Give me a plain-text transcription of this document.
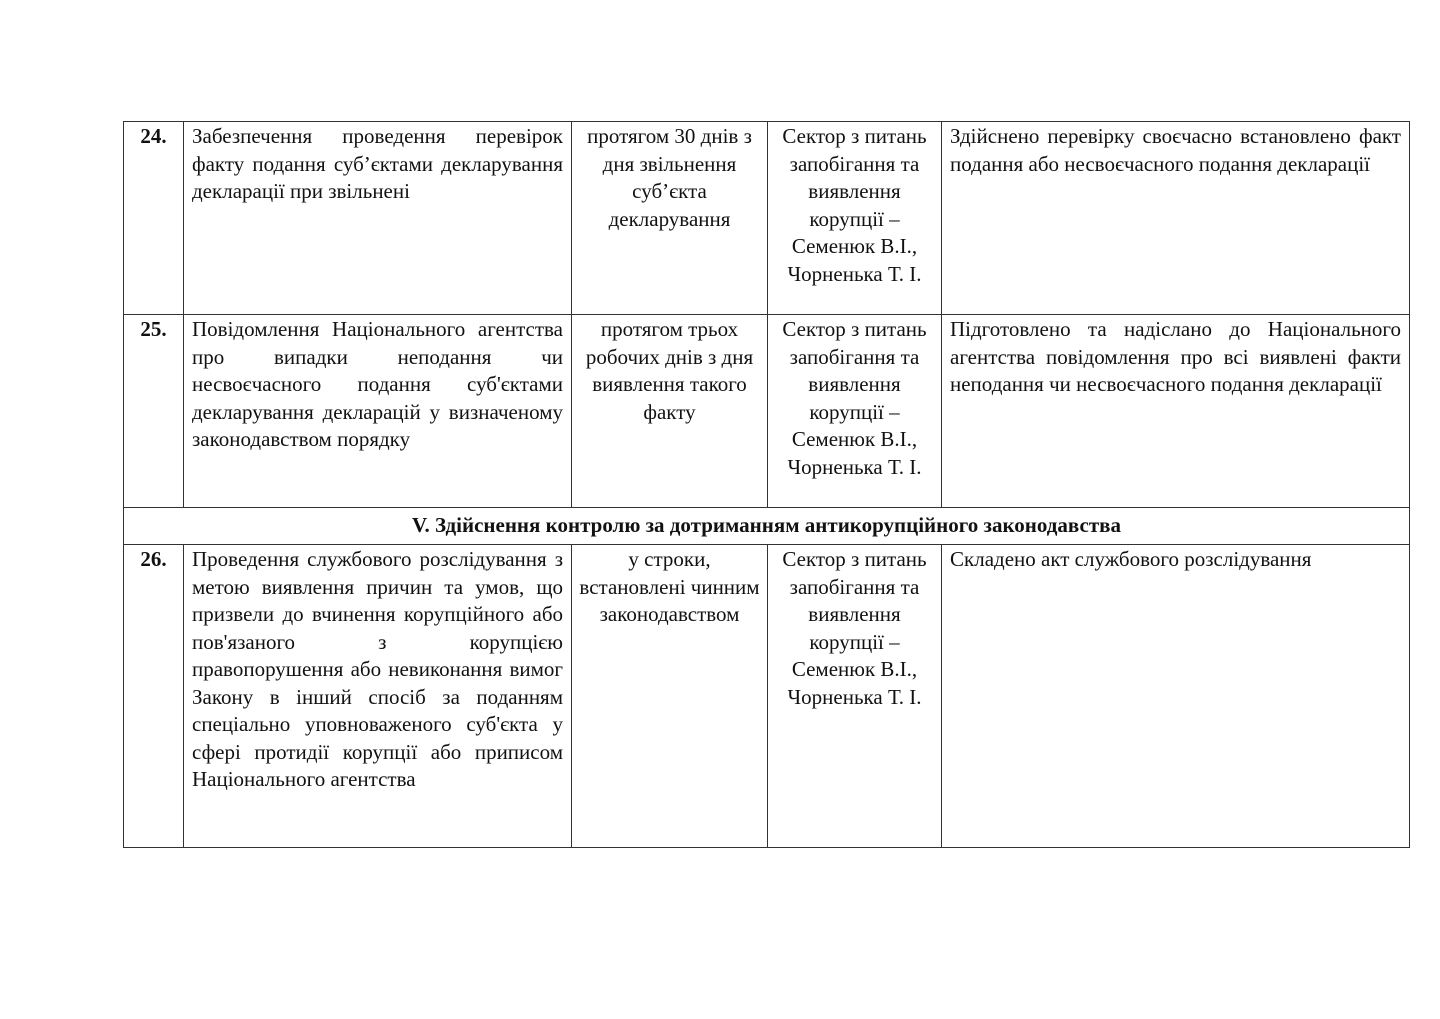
24.	Забезпечення проведення перевірок факту подання суб’єктами декларування декларації при звільнені	протягом 30 днів з дня звільнення суб’єкта декларування	Сектор з питань запобігання та виявлення корупції – Семенюк В.І., Чорненька Т. І.	Здійснено перевірку своєчасно встановлено факт подання або несвоєчасного подання декларації

25.	Повідомлення Національного агентства про випадки неподання чи несвоєчасного подання суб'єктами декларування декларацій у визначеному законодавством порядку	протягом трьох робочих днів з дня виявлення такого факту	Сектор з питань запобігання та виявлення корупції – Семенюк В.І., Чорненька Т. І.	Підготовлено та надіслано до Національного агентства повідомлення про всі виявлені факти неподання чи несвоєчасного подання декларації

V. Здійснення контролю за дотриманням антикорупційного законодавства				

26.	Проведення службового розслідування з метою виявлення причин та умов, що призвели до вчинення корупційного або пов'язаного з корупцією правопорушення або невиконання вимог Закону в інший спосіб за поданням спеціально уповноваженого суб'єкта у сфері протидії корупції або приписом Національного агентства	у строки, встановлені чинним законодавством	Сектор з питань запобігання та виявлення корупції – Семенюк В.І., Чорненька Т. І.	Складено акт службового розслідування
